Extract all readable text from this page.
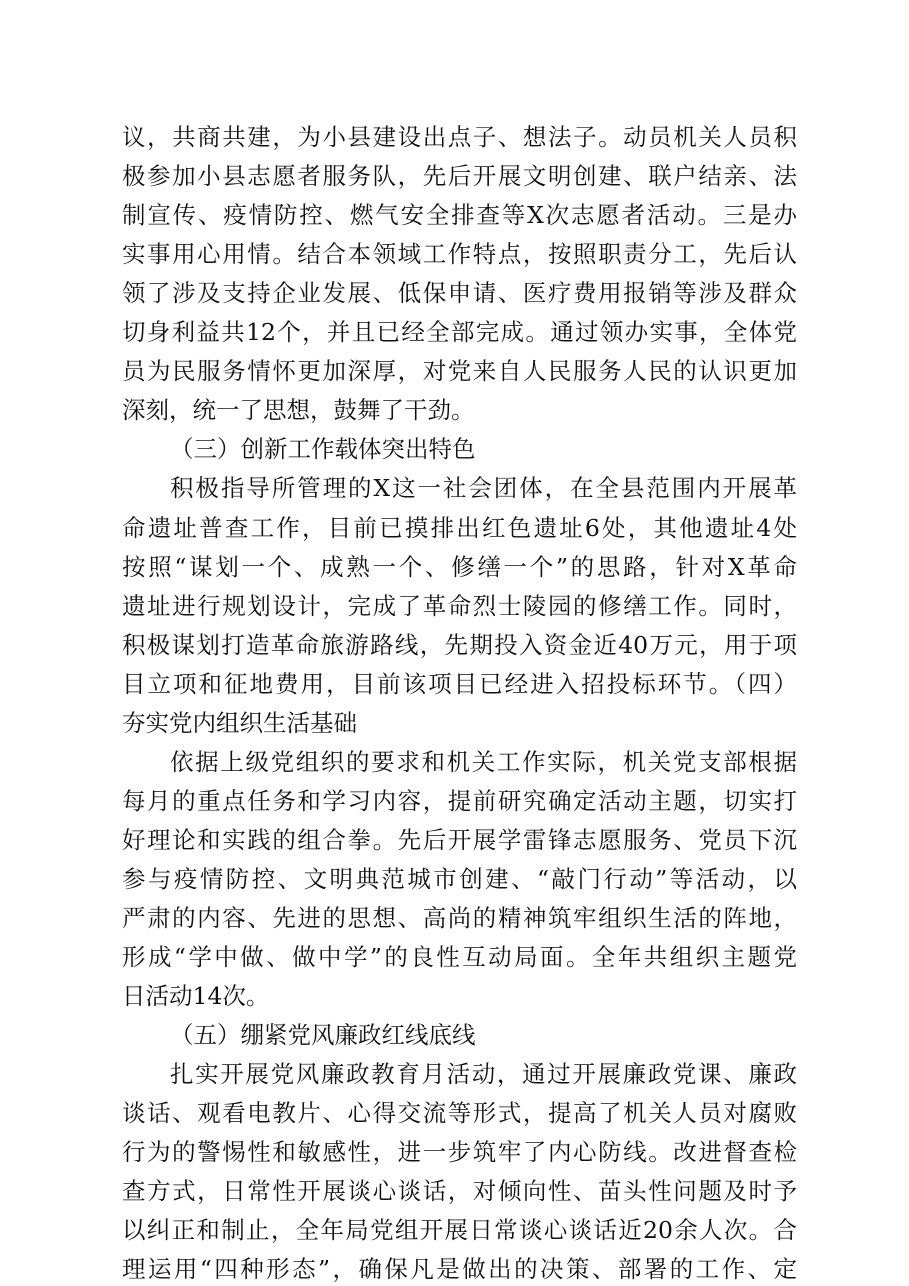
议，共商共建，为小县建设出点子、想法子。动员机关人员积
极参加小县志愿者服务队，先后开展文明创建、联户结亲、法
制宣传、疫情防控、燃气安全排查等X次志愿者活动。三是办
实事用心用情。结合本领域工作特点，按照职责分工，先后认
领了涉及支持企业发展、低保申请、医疗费用报销等涉及群众
切身利益共12个，并且已经全部完成。通过领办实事，全体党
员为民服务情怀更加深厚，对党来自人民服务人民的认识更加
深刻，统一了思想，鼓舞了干劲。
（三）创新工作载体突出特色
积极指导所管理的X这一社会团体，在全县范围内开展革
命遗址普查工作，目前已摸排出红色遗址6处，其他遗址4处
按照“谋划一个、成熟一个、修缮一个”的思路，针对X革命
遗址进行规划设计，完成了革命烈士陵园的修缮工作。同时，
积极谋划打造革命旅游路线，先期投入资金近40万元，用于项
目立项和征地费用，目前该项目已经进入招投标环节。（四）
夯实党内组织生活基础
依据上级党组织的要求和机关工作实际，机关党支部根据
每月的重点任务和学习内容，提前研究确定活动主题，切实打
好理论和实践的组合拳。先后开展学雷锋志愿服务、党员下沉
参与疫情防控、文明典范城市创建、“敲门行动”等活动，以
严肃的内容、先进的思想、高尚的精神筑牢组织生活的阵地，
形成“学中做、做中学”的良性互动局面。全年共组织主题党
日活动14次。
（五）绷紧党风廉政红线底线
扎实开展党风廉政教育月活动，通过开展廉政党课、廉政
谈话、观看电教片、心得交流等形式，提高了机关人员对腐败
行为的警惕性和敏感性，进一步筑牢了内心防线。改进督查检
查方式，日常性开展谈心谈话，对倾向性、苗头性问题及时予
以纠正和制止，全年局党组开展日常谈心谈话近20余人次。合
理运用“四种形态”，确保凡是做出的决策、部署的工作、定
